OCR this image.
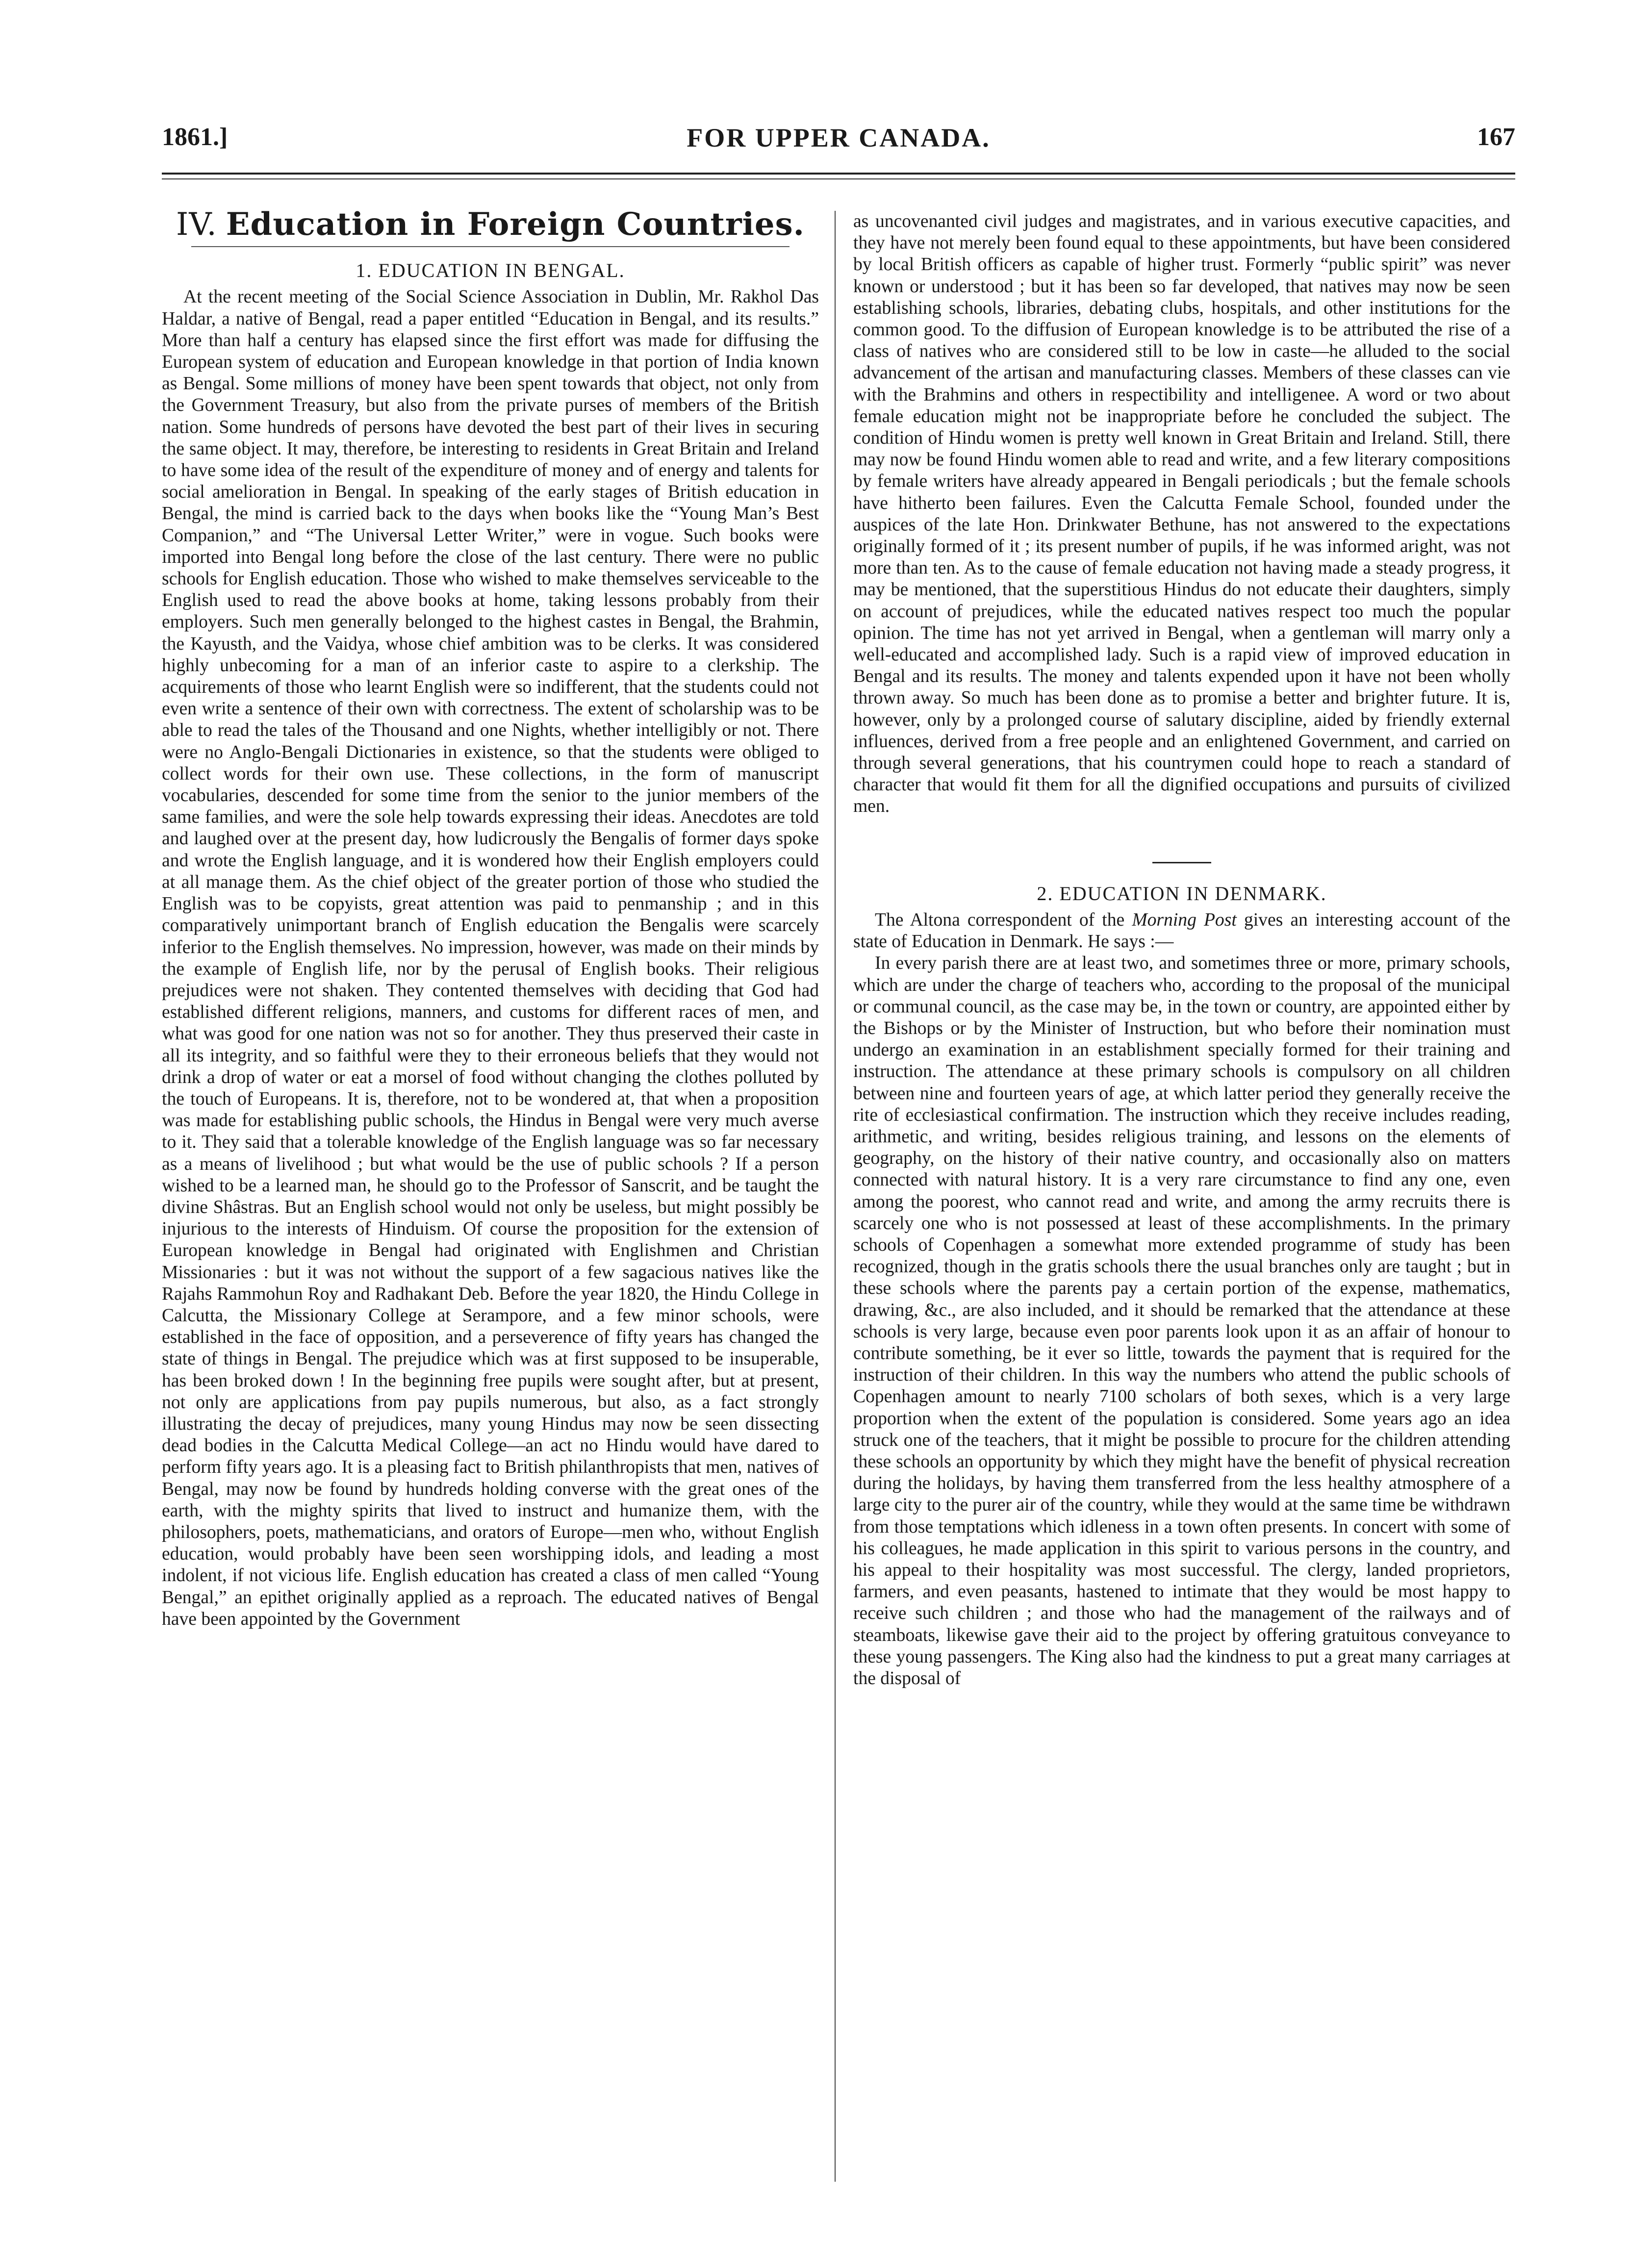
1861.]	FOR UPPER CANADA.	167
IV. Education in Foreign Countries.
1. EDUCATION IN BENGAL.

At the recent meeting of the Social Science Association in Dublin, Mr. Rakhol Das Haldar, a native of Bengal, read a paper entitled “Education in Bengal, and its results.” More than half a century has elapsed since the first effort was made for diffusing the European system of education and European knowledge in that portion of India known as Bengal. Some millions of money have been spent towards that object, not only from the Government Treasury, but also from the private purses of members of the British nation. Some hundreds of persons have devoted the best part of their lives in securing the same object. It may, therefore, be interesting to residents in Great Britain and Ireland to have some idea of the result of the expenditure of money and of energy and talents for social amelioration in Bengal. In speaking of the early stages of British education in Bengal, the mind is carried back to the days when books like the “Young Man’s Best Companion,” and “The Universal Letter Writer,” were in vogue. Such books were imported into Bengal long before the close of the last century. There were no public schools for English education. Those who wished to make themselves serviceable to the English used to read the above books at home, taking lessons probably from their employers. Such men generally belonged to the highest castes in Bengal, the Brahmin, the Kayusth, and the Vaidya, whose chief ambition was to be clerks. It was considered highly unbecoming for a man of an inferior caste to aspire to a clerkship. The acquirements of those who learnt English were so indifferent, that the students could not even write a sentence of their own with correctness. The extent of scholarship was to be able to read the tales of the Thousand and one Nights, whether intelligibly or not. There were no Anglo-Bengali Dictionaries in existence, so that the students were obliged to collect words for their own use. These collections, in the form of manuscript vocabularies, descended for some time from the senior to the junior members of the same families, and were the sole help towards expressing their ideas. Anecdotes are told and laughed over at the present day, how ludicrously the Bengalis of former days spoke and wrote the English language, and it is wondered how their English employers could at all manage them. As the chief object of the greater portion of those who studied the English was to be copyists, great attention was paid to penmanship ; and in this comparatively unimportant branch of English education the Bengalis were scarcely inferior to the English themselves. No impression, however, was made on their minds by the example of English life, nor by the perusal of English books. Their religious prejudices were not shaken. They contented themselves with deciding that God had established different religions, manners, and customs for different races of men, and what was good for one nation was not so for another. They thus preserved their caste in all its integrity, and so faithful were they to their erroneous beliefs that they would not drink a drop of water or eat a morsel of food without changing the clothes polluted by the touch of Europeans. It is, therefore, not to be wondered at, that when a proposition was made for establishing public schools, the Hindus in Bengal were very much averse to it. They said that a tolerable knowledge of the English language was so far necessary as a means of livelihood ; but what would be the use of public schools ? If a person wished to be a learned man, he should go to the Professor of Sanscrit, and be taught the divine Shâstras. But an English school would not only be useless, but might possibly be injurious to the interests of Hinduism. Of course the proposition for the extension of European knowledge in Bengal had originated with Englishmen and Christian Missionaries : but it was not without the support of a few sagacious natives like the Rajahs Rammohun Roy and Radhakant Deb. Before the year 1820, the Hindu College in Calcutta, the Missionary College at Serampore, and a few minor schools, were established in the face of opposition, and a perseverence of fifty years has changed the state of things in Bengal. The prejudice which was at first supposed to be insuperable, has been broked down ! In the beginning free pupils were sought after, but at present, not only are applications from pay pupils numerous, but also, as a fact strongly illustrating the decay of prejudices, many young Hindus may now be seen dissecting dead bodies in the Calcutta Medical College—an act no Hindu would have dared to perform fifty years ago. It is a pleasing fact to British philanthropists that men, natives of Bengal, may now be found by hundreds holding converse with the great ones of the earth, with the mighty spirits that lived to instruct and humanize them, with the philosophers, poets, mathematicians, and orators of Europe—men who, without English education, would probably have been seen worshipping idols, and leading a most indolent, if not vicious life. English education has created a class of men called “Young Bengal,” an epithet originally applied as a reproach. The educated natives of Bengal have been appointed by the Government

as uncovenanted civil judges and magistrates, and in various executive capacities, and they have not merely been found equal to these appointments, but have been considered by local British officers as capable of higher trust. Formerly “public spirit” was never known or understood ; but it has been so far developed, that natives may now be seen establishing schools, libraries, debating clubs, hospitals, and other institutions for the common good. To the diffusion of European knowledge is to be attributed the rise of a class of natives who are considered still to be low in caste—he alluded to the social advancement of the artisan and manufacturing classes. Members of these classes can vie with the Brahmins and others in respectibility and intelligenee. A word or two about female education might not be inappropriate before he concluded the subject. The condition of Hindu women is pretty well known in Great Britain and Ireland. Still, there may now be found Hindu women able to read and write, and a few literary compositions by female writers have already appeared in Bengali periodicals ; but the female schools have hitherto been failures. Even the Calcutta Female School, founded under the auspices of the late Hon. Drinkwater Bethune, has not answered to the expectations originally formed of it ; its present number of pupils, if he was informed aright, was not more than ten. As to the cause of female education not having made a steady progress, it may be mentioned, that the superstitious Hindus do not educate their daughters, simply on account of prejudices, while the educated natives respect too much the popular opinion. The time has not yet arrived in Bengal, when a gentleman will marry only a well-educated and accomplished lady. Such is a rapid view of improved education in Bengal and its results. The money and talents expended upon it have not been wholly thrown away. So much has been done as to promise a better and brighter future. It is, however, only by a prolonged course of salutary discipline, aided by friendly external influences, derived from a free people and an enlightened Government, and carried on through several generations, that his countrymen could hope to reach a standard of character that would fit them for all the dignified occupations and pursuits of civilized men.

2. EDUCATION IN DENMARK.

The Altona correspondent of the Morning Post gives an interesting account of the state of Education in Denmark. He says :—

In every parish there are at least two, and sometimes three or more, primary schools, which are under the charge of teachers who, according to the proposal of the municipal or communal council, as the case may be, in the town or country, are appointed either by the Bishops or by the Minister of Instruction, but who before their nomination must undergo an examination in an establishment specially formed for their training and instruction. The attendance at these primary schools is compulsory on all children between nine and fourteen years of age, at which latter period they generally receive the rite of ecclesiastical confirmation. The instruction which they receive includes reading, arithmetic, and writing, besides religious training, and lessons on the elements of geography, on the history of their native country, and occasionally also on matters connected with natural history. It is a very rare circumstance to find any one, even among the poorest, who cannot read and write, and among the army recruits there is scarcely one who is not possessed at least of these accomplishments. In the primary schools of Copenhagen a somewhat more extended programme of study has been recognized, though in the gratis schools there the usual branches only are taught ; but in these schools where the parents pay a certain portion of the expense, mathematics, drawing, &c., are also included, and it should be remarked that the attendance at these schools is very large, because even poor parents look upon it as an affair of honour to contribute something, be it ever so little, towards the payment that is required for the instruction of their children. In this way the numbers who attend the public schools of Copenhagen amount to nearly 7100 scholars of both sexes, which is a very large proportion when the extent of the population is considered. Some years ago an idea struck one of the teachers, that it might be possible to procure for the children attending these schools an opportunity by which they might have the benefit of physical recreation during the holidays, by having them transferred from the less healthy atmosphere of a large city to the purer air of the country, while they would at the same time be withdrawn from those temptations which idleness in a town often presents. In concert with some of his colleagues, he made application in this spirit to various persons in the country, and his appeal to their hospitality was most successful. The clergy, landed proprietors, farmers, and even peasants, hastened to intimate that they would be most happy to receive such children ; and those who had the management of the railways and of steamboats, likewise gave their aid to the project by offering gratuitous conveyance to these young passengers. The King also had the kindness to put a great many carriages at the disposal of
